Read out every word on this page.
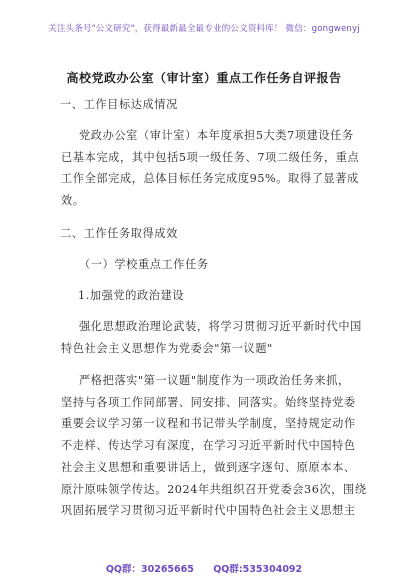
关注头条号"公文研究"，获得最新最全最专业的公文资料库！ 微信：gongwenyj
高校党政办公室（审计室）重点工作任务自评报告
一、工作目标达成情况
党政办公室（审计室）本年度承担5大类7项建设任务
已基本完成，其中包括5项一级任务、7项二级任务，重点
工作全部完成，总体目标任务完成度95%。取得了显著成
效。
二、工作任务取得成效
（一）学校重点工作任务
1.加强党的政治建设
强化思想政治理论武装，将学习贯彻习近平新时代中国
特色社会主义思想作为党委会"第一议题"
严格把落实"第一议题"制度作为一项政治任务来抓，
坚持与各项工作同部署、同安排、同落实。始终坚持党委
重要会议学习第一议程和书记带头学制度，坚持规定动作
不走样、传达学习有深度，在学习习近平新时代中国特色
社会主义思想和重要讲话上，做到逐字逐句、原原本本、
原汁原味领学传达。2024年共组织召开党委会36次，围绕
巩固拓展学习贯彻习近平新时代中国特色社会主义思想主
QQ群：30265665 QQ群:535304092
